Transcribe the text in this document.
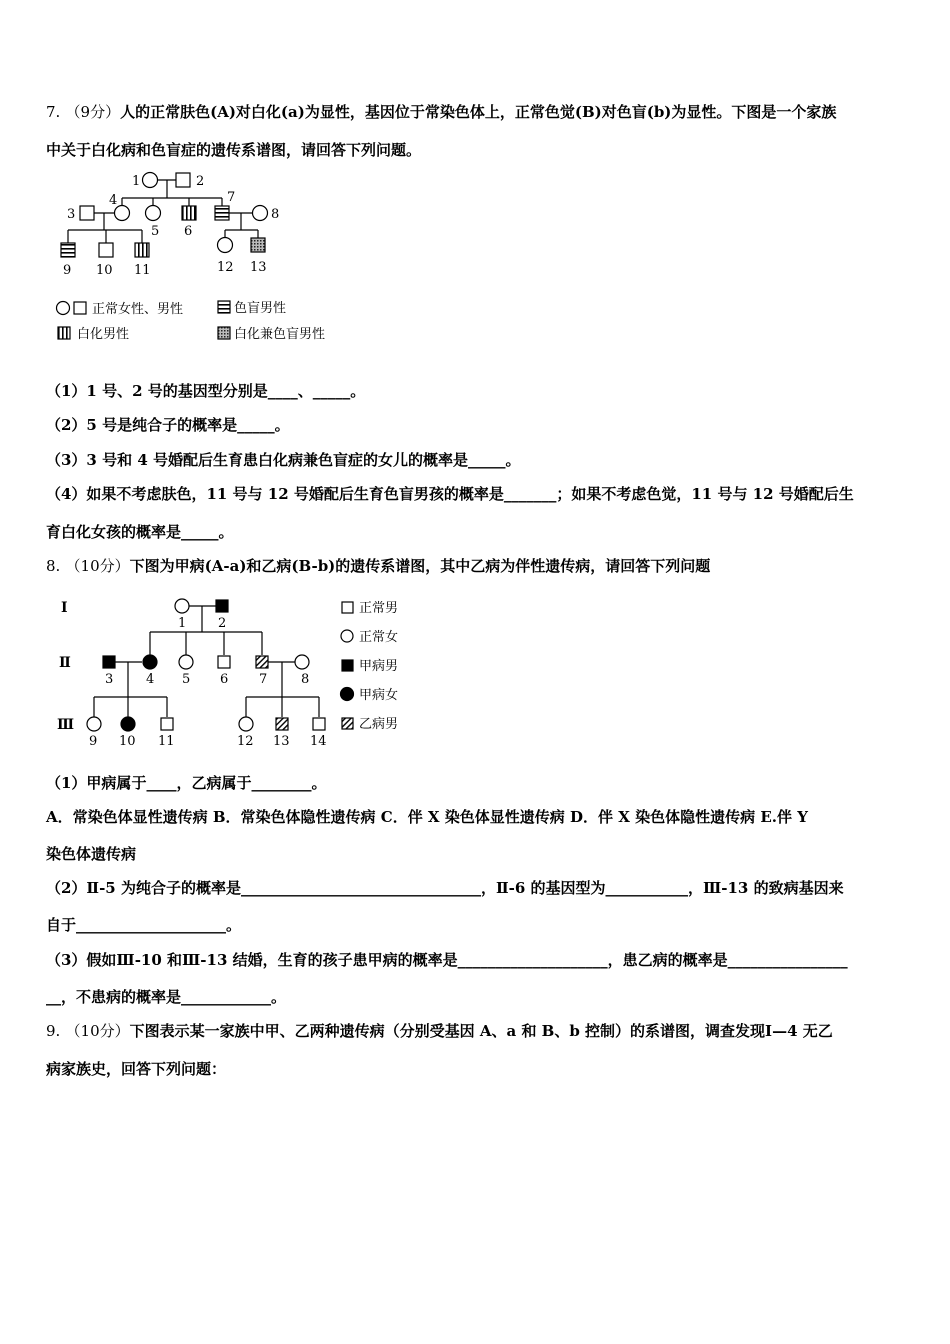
7. （9分）人的正常肤色(A)对白化(a)为显性，基因位于常染色体上，正常色觉(B)对色盲(b)为显性。下图是一个家族
中关于白化病和色盲症的遗传系谱图，请回答下列问题。
1	2
3
4
5 6
7
8
9 10 11	12 13
正常女性、男性	色盲男性
白化男性	白化兼色盲男性
（1）1 号、2 号的基因型分别是____、_____。
（2）5 号是纯合子的概率是_____。
（3）3 号和 4 号婚配后生育患白化病兼色盲症的女儿的概率是_____。
（4）如果不考虑肤色，11 号与 12 号婚配后生育色盲男孩的概率是_______；如果不考虑色觉，11 号与 12 号婚配后生
育白化女孩的概率是_____。
8. （10分）下图为甲病(A-a)和乙病(B-b)的遗传系谱图，其中乙病为伴性遗传病，请回答下列问题
Ⅰ
Ⅱ
Ⅲ
1 2
3	4 5 6 7	8
9 10 11	12 13 14
正常男
正常女
甲病男
甲病女
乙病男
（1）甲病属于____，乙病属于________。
A．常染色体显性遗传病 B．常染色体隐性遗传病 C．伴 X 染色体显性遗传病 D．伴 X 染色体隐性遗传病 E.伴 Y
染色体遗传病
（2）Ⅱ-5 为纯合子的概率是________________________________，Ⅱ-6 的基因型为___________，Ⅲ-13 的致病基因来
自于____________________。
（3）假如Ⅲ-10 和Ⅲ-13 结婚，生育的孩子患甲病的概率是____________________，患乙病的概率是________________
__，不患病的概率是____________。
9. （10分）下图表示某一家族中甲、乙两种遗传病（分别受基因 A、a 和 B、b 控制）的系谱图，调查发现Ⅰ—4 无乙
病家族史，回答下列问题：
